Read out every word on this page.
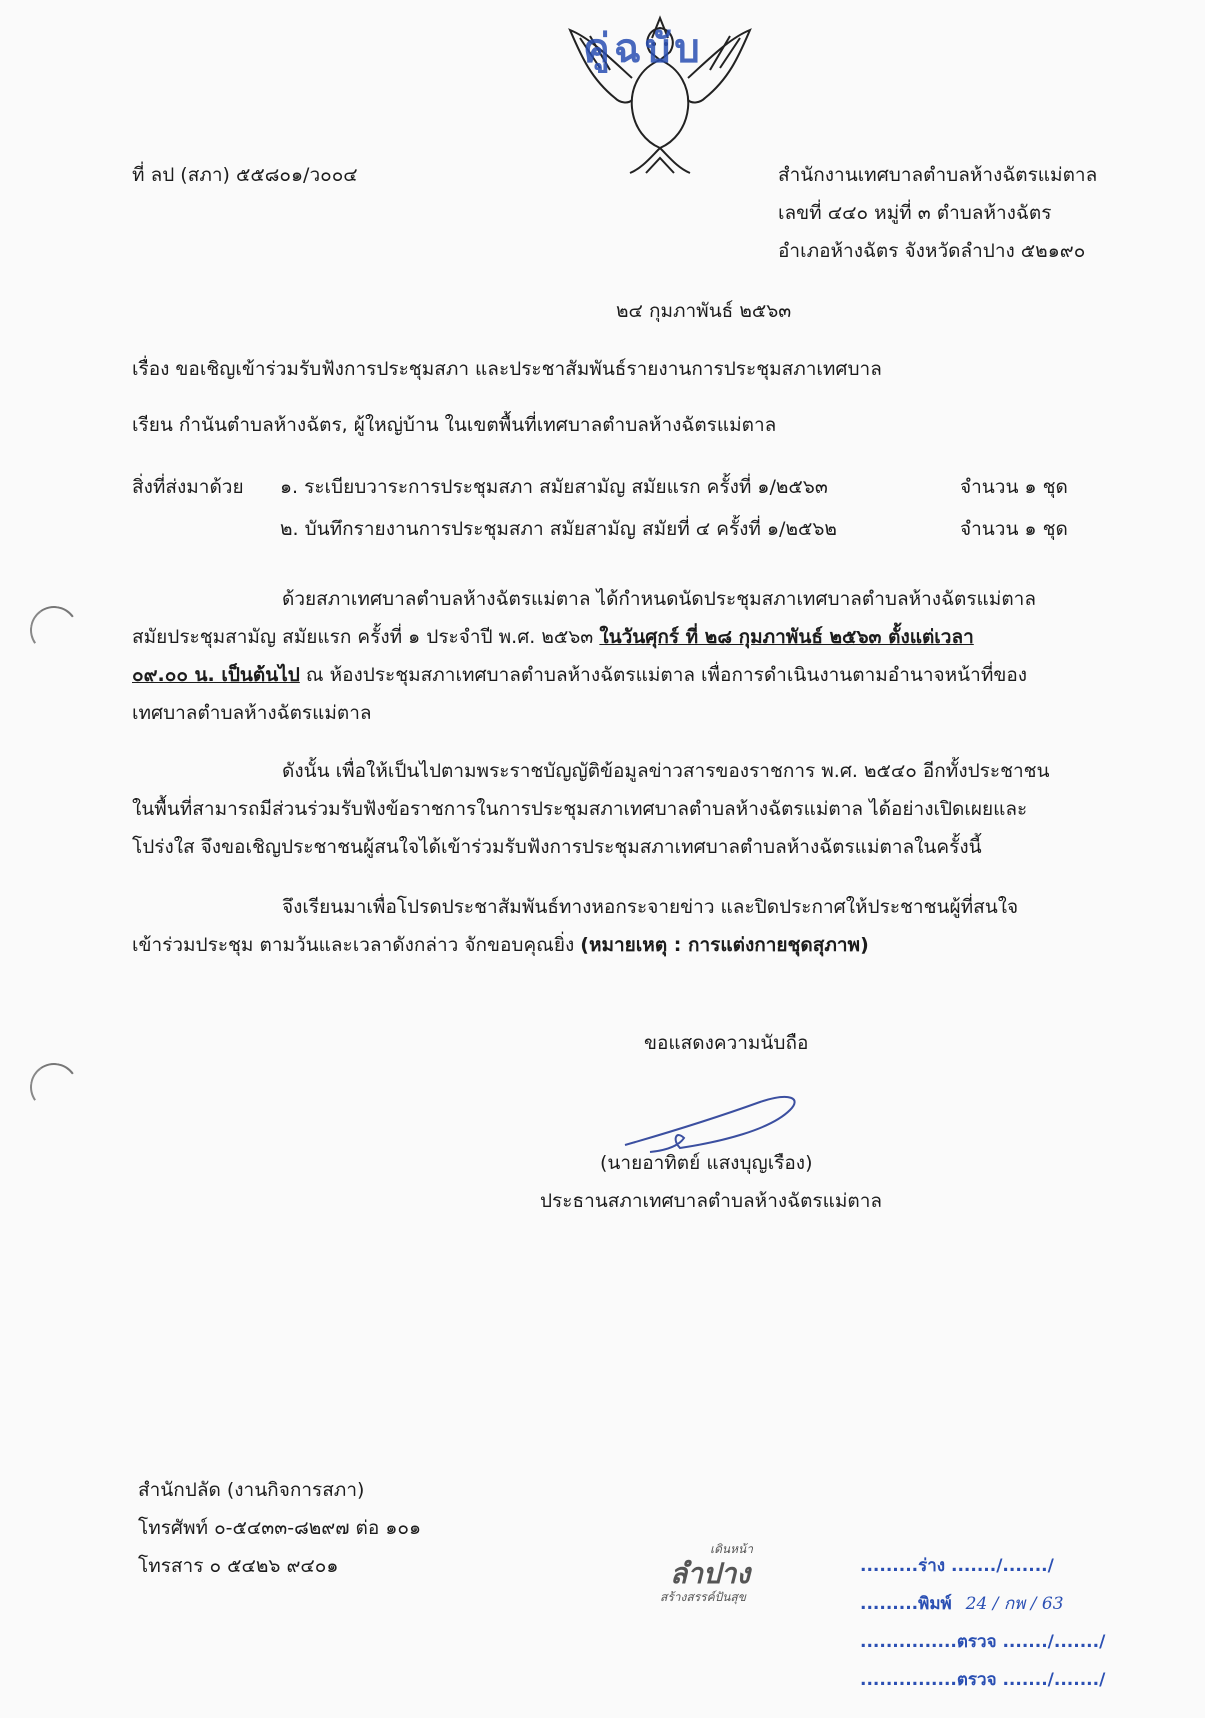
คู่ฉบับ
ที่ ลป (สภา) ๕๕๘๐๑/ว๐๐๔	สำนักงานเทศบาลตำบลห้างฉัตรแม่ตาล
เลขที่ ๔๔๐ หมู่ที่ ๓ ตำบลห้างฉัตร
อำเภอห้างฉัตร จังหวัดลำปาง ๕๒๑๙๐
๒๔ กุมภาพันธ์ ๒๕๖๓
เรื่อง ขอเชิญเข้าร่วมรับฟังการประชุมสภา และประชาสัมพันธ์รายงานการประชุมสภาเทศบาล
เรียน กำนันตำบลห้างฉัตร, ผู้ใหญ่บ้าน ในเขตพื้นที่เทศบาลตำบลห้างฉัตรแม่ตาล
สิ่งที่ส่งมาด้วย ๑. ระเบียบวาระการประชุมสภา สมัยสามัญ สมัยแรก ครั้งที่ ๑/๒๕๖๓	จำนวน ๑ ชุด
๒. บันทึกรายงานการประชุมสภา สมัยสามัญ สมัยที่ ๔ ครั้งที่ ๑/๒๕๖๒	จำนวน ๑ ชุด
ด้วยสภาเทศบาลตำบลห้างฉัตรแม่ตาล ได้กำหนดนัดประชุมสภาเทศบาลตำบลห้างฉัตรแม่ตาล
สมัยประชุมสามัญ สมัยแรก ครั้งที่ ๑ ประจำปี พ.ศ. ๒๕๖๓ ในวันศุกร์ ที่ ๒๘ กุมภาพันธ์ ๒๕๖๓ ตั้งแต่เวลา
๐๙.๐๐ น. เป็นต้นไป ณ ห้องประชุมสภาเทศบาลตำบลห้างฉัตรแม่ตาล เพื่อการดำเนินงานตามอำนาจหน้าที่ของ
เทศบาลตำบลห้างฉัตรแม่ตาล
ดังนั้น เพื่อให้เป็นไปตามพระราชบัญญัติข้อมูลข่าวสารของราชการ พ.ศ. ๒๕๔๐ อีกทั้งประชาชน
ในพื้นที่สามารถมีส่วนร่วมรับฟังข้อราชการในการประชุมสภาเทศบาลตำบลห้างฉัตรแม่ตาล ได้อย่างเปิดเผยและ
โปร่งใส จึงขอเชิญประชาชนผู้สนใจได้เข้าร่วมรับฟังการประชุมสภาเทศบาลตำบลห้างฉัตรแม่ตาลในครั้งนี้
จึงเรียนมาเพื่อโปรดประชาสัมพันธ์ทางหอกระจายข่าว และปิดประกาศให้ประชาชนผู้ที่สนใจ
เข้าร่วมประชุม ตามวันและเวลาดังกล่าว จักขอบคุณยิ่ง (หมายเหตุ : การแต่งกายชุดสุภาพ)
ขอแสดงความนับถือ
(นายอาทิตย์ แสงบุญเรือง)
ประธานสภาเทศบาลตำบลห้างฉัตรแม่ตาล
สำนักปลัด (งานกิจการสภา)
โทรศัพท์ ๐-๕๔๓๓-๘๒๙๗ ต่อ ๑๐๑
โทรสาร ๐ ๕๔๒๖ ๙๔๐๑
เดินหน้า
ลำปาง
สร้างสรรค์ปันสุข
.........ร่าง ......./......./
.........พิมพ์ 24 / กพ / 63
...............ตรวจ ......./......./
...............ตรวจ ......./......./
